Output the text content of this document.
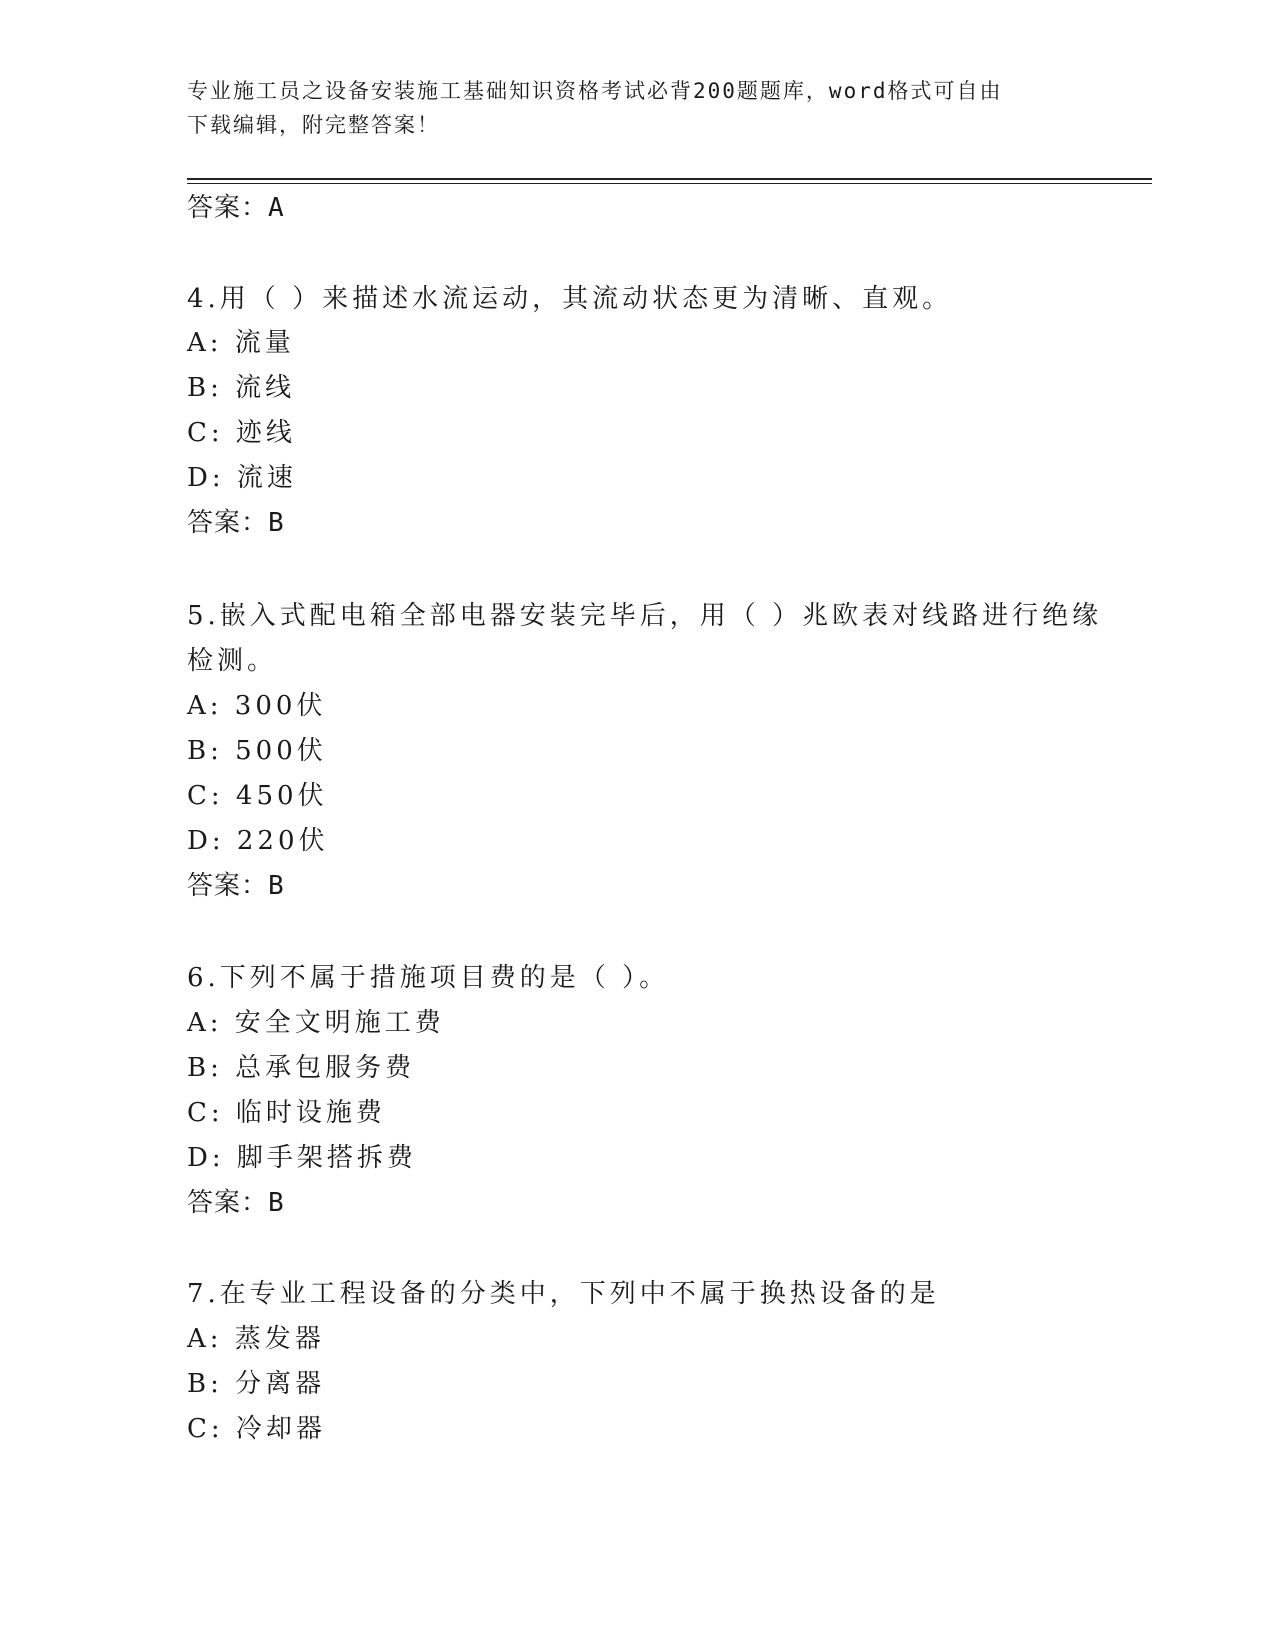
专业施工员之设备安装施工基础知识资格考试必背200题题库，word格式可自由
下载编辑，附完整答案！
答案：A
4.用（ ）来描述水流运动，其流动状态更为清晰、直观。
A: 流量
B: 流线
C: 迹线
D: 流速
答案：B
5.嵌入式配电箱全部电器安装完毕后，用（ ）兆欧表对线路进行绝缘
检测。
A: 300伏
B: 500伏
C: 450伏
D: 220伏
答案：B
6.下列不属于措施项目费的是（ ）。
A: 安全文明施工费
B: 总承包服务费
C: 临时设施费
D: 脚手架搭拆费
答案：B
7.在专业工程设备的分类中，下列中不属于换热设备的是
A: 蒸发器
B: 分离器
C: 冷却器
